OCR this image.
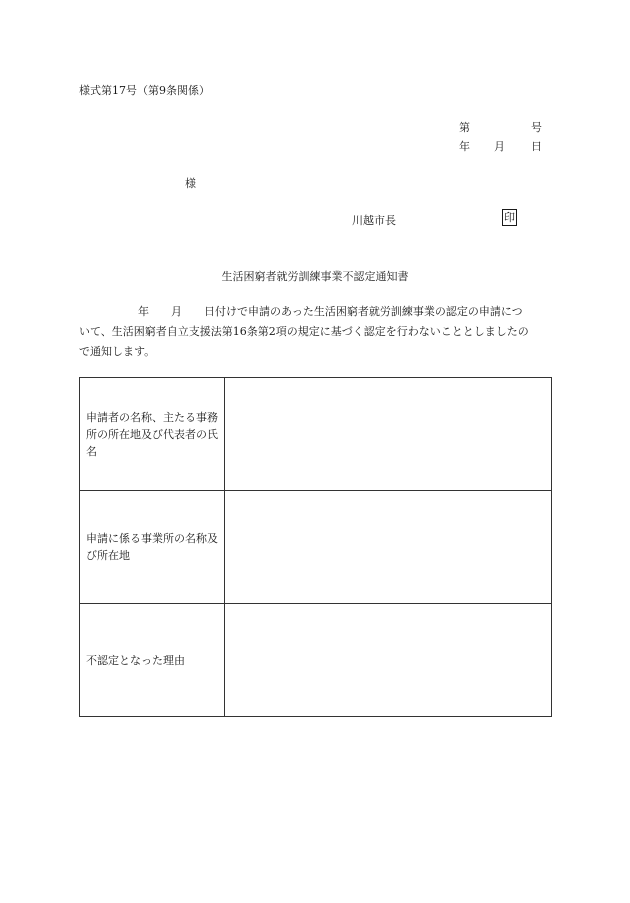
様式第17号（第9条関係）
第	号
年 月 日
様
川越市長	印
生活困窮者就労訓練事業不認定通知書
年　　月　　日付けで申請のあった生活困窮者就労訓練事業の認定の申請につ
いて、生活困窮者自立支援法第16条第2項の規定に基づく認定を行わないこととしましたの
で通知します。
申請者の名称、主たる事務所の所在地及び代表者の氏名	
申請に係る事業所の名称及び所在地	
不認定となった理由	
